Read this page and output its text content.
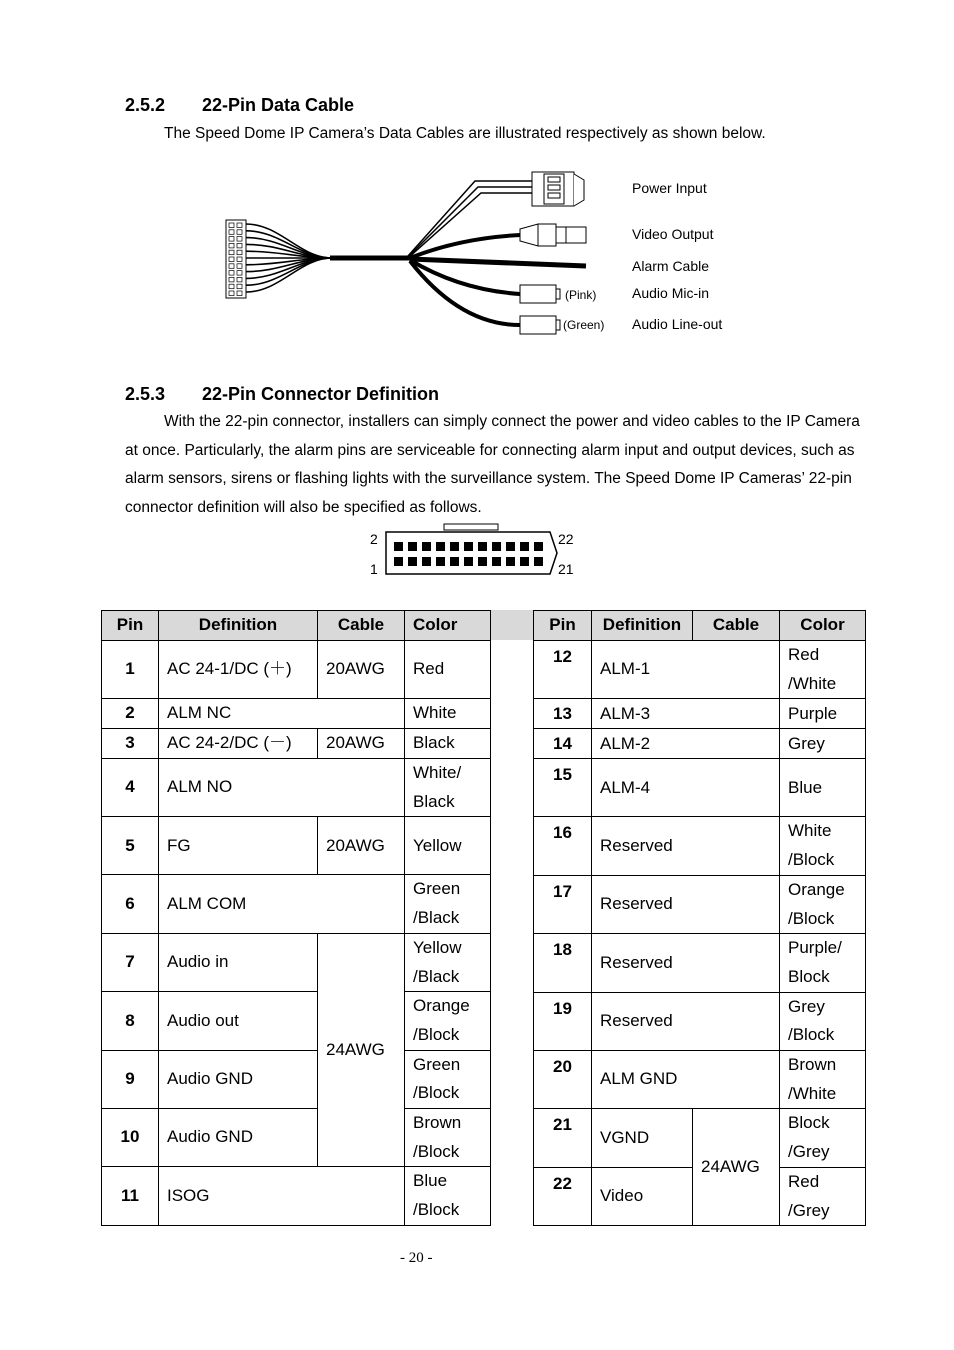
2.5.2 22-Pin Data Cable
The Speed Dome IP Camera’s Data Cables are illustrated respectively as shown below.
Power Input
Video Output
Alarm Cable
Audio Mic-in
Audio Line-out
(Pink)
(Green)
2.5.3 22-Pin Connector Definition
With the 22-pin connector, installers can simply connect the power and video cables to the IP Camera at once. Particularly, the alarm pins are serviceable for connecting alarm input and output devices, such as alarm sensors, sirens or flashing lights with the surveillance system. The Speed Dome IP Cameras’ 22-pin connector definition will also be specified as follows.
2
1
22
21
Pin	Definition	Cable	Color
1	AC 24-1/DC (＋)	20AWG	Red
2	ALM NC		White
3	AC 24-2/DC (－)	20AWG	Black
4	ALM NO		White/
Black
5	FG	20AWG	Yellow
6	ALM COM		Green
/Black
7	Audio in	24AWG	Yellow
/Black
8	Audio out		Orange
/Block
9	Audio GND		Green
/Block
10	Audio GND		Brown
/Block
11	ISOG		Blue
/Block
Pin	Definition	Cable	Color
12	ALM-1		Red
/White
13	ALM-3		Purple
14	ALM-2		Grey
15	ALM-4		Blue
16	Reserved		White
/Block
17	Reserved		Orange
/Block
18	Reserved		Purple/
Block
19	Reserved		Grey
/Block
20	ALM GND		Brown
/White
21	VGND	24AWG	Block
/Grey
22	Video		Red
/Grey
- 20 -
